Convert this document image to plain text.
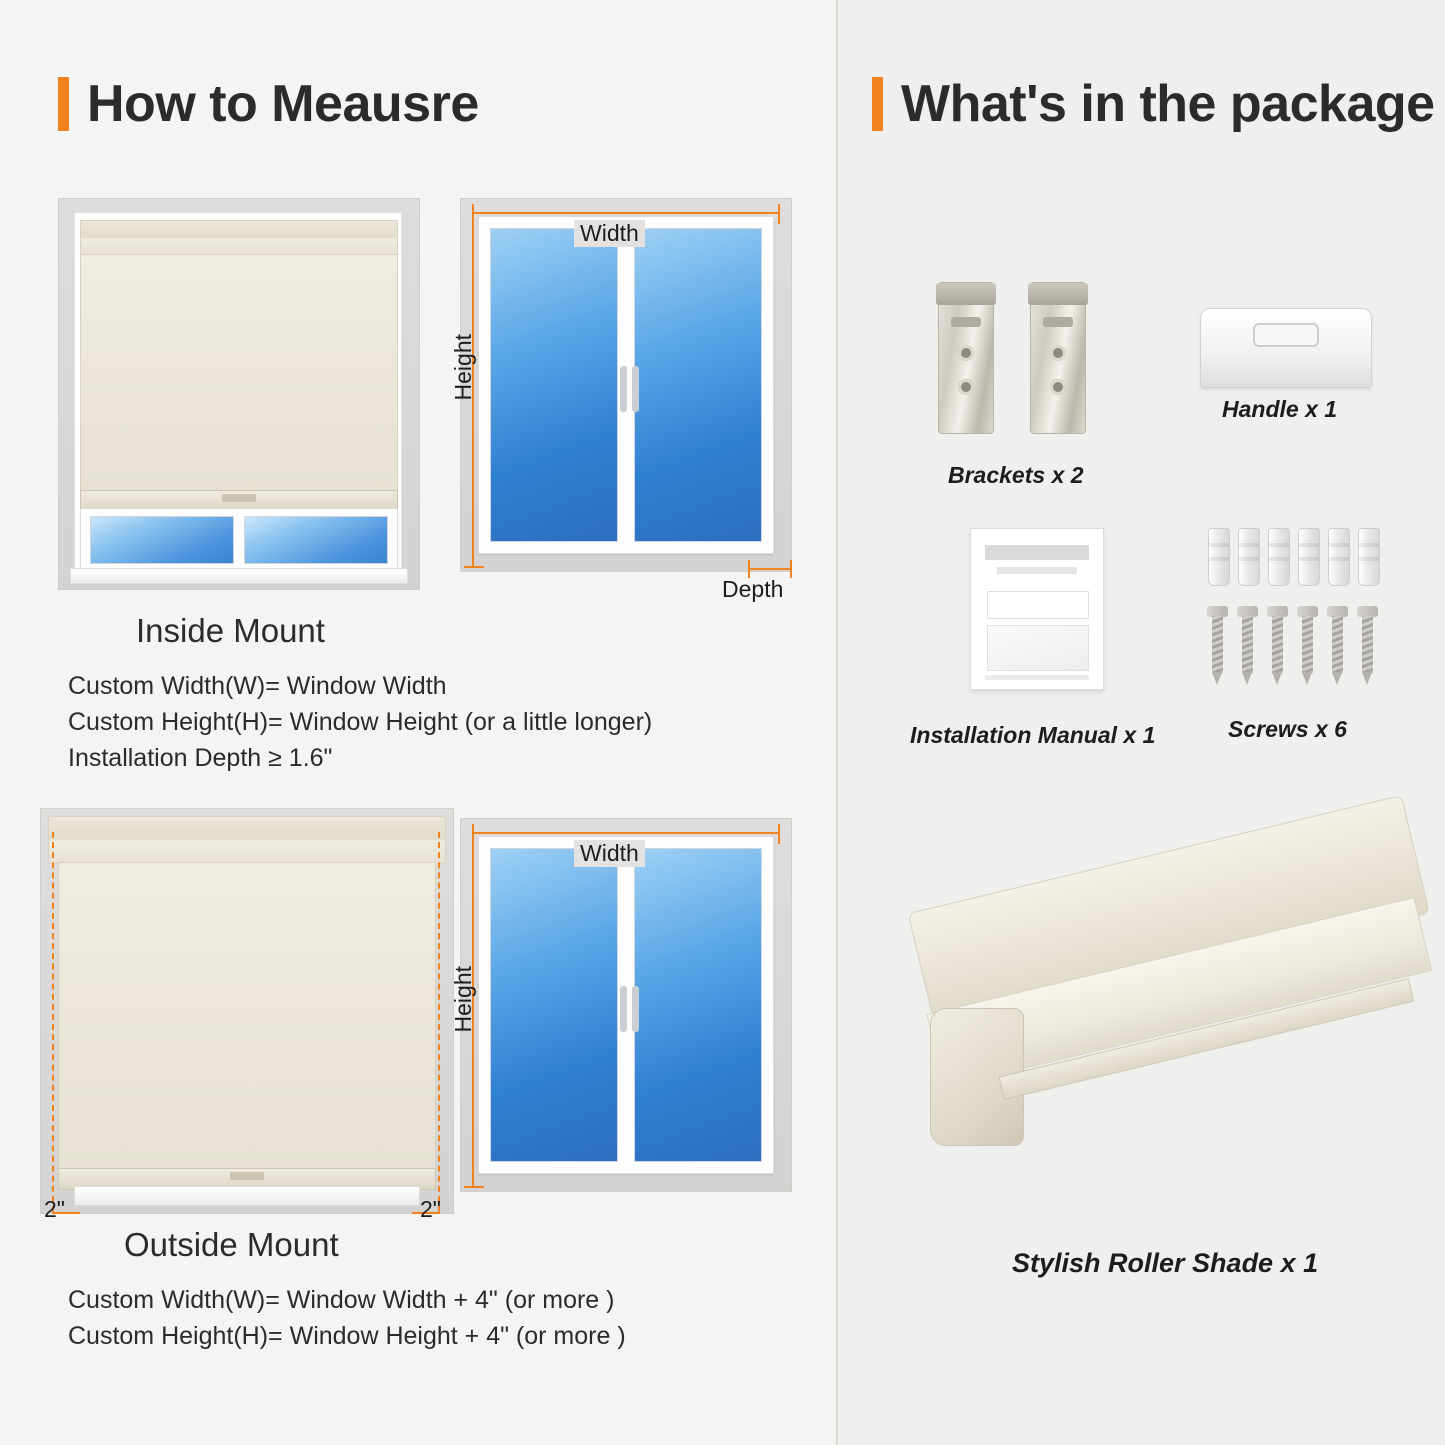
How to Meausre	What's in the package
Width
Height
Depth
Inside Mount
Custom Width(W)= Window Width
Custom Height(H)= Window Height (or a little longer)
Installation Depth ≥ 1.6"
2"	2"
Width
Height
Outside Mount
Custom Width(W)= Window Width + 4" (or more )
Custom Height(H)= Window Height + 4" (or more )
Brackets x 2
Handle x 1
Installation Manual x 1	Screws x 6
Stylish Roller Shade x 1
